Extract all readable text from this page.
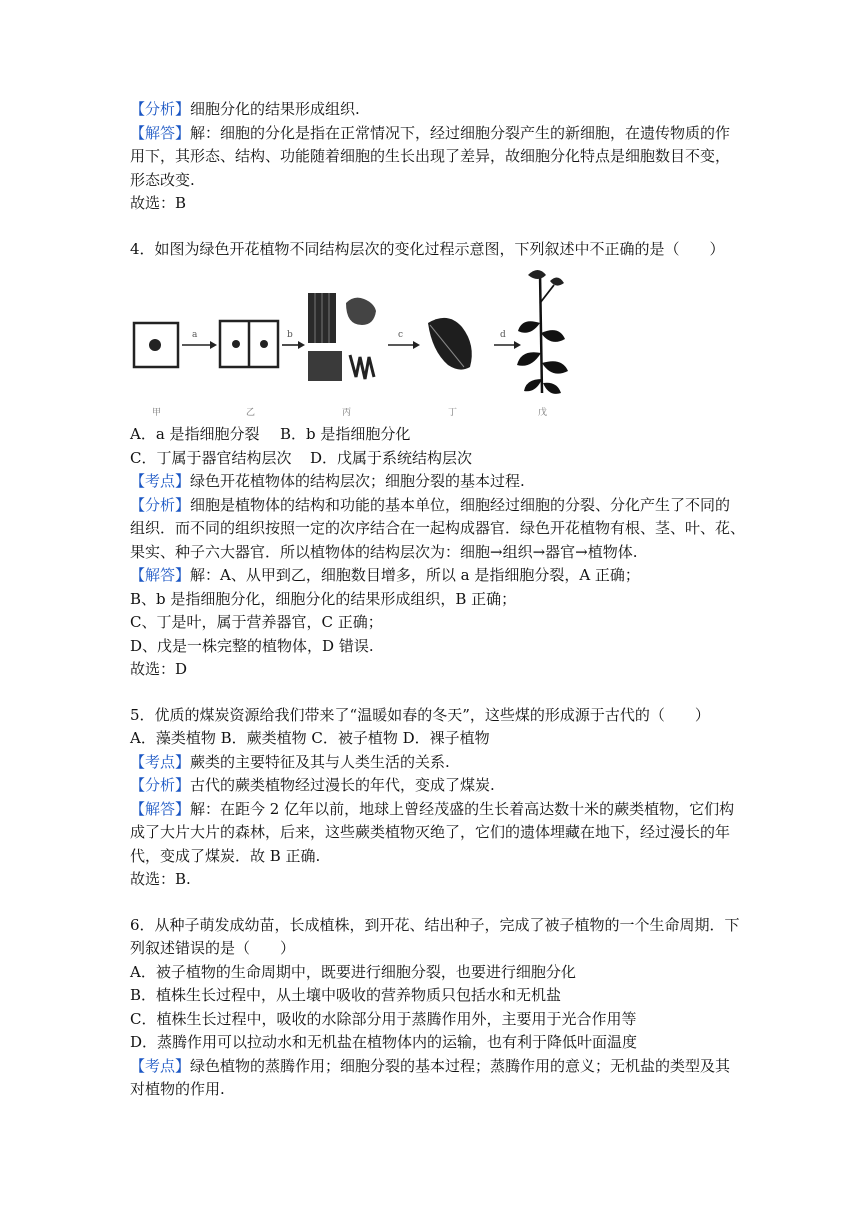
【分析】细胞分化的结果形成组织.
【解答】解：细胞的分化是指在正常情况下，经过细胞分裂产生的新细胞，在遗传物质的作
用下，其形态、结构、功能随着细胞的生长出现了差异，故细胞分化特点是细胞数目不变，
形态改变.
故选：B
4．如图为绿色开花植物不同结构层次的变化过程示意图，下列叙述中不正确的是（　　）
a	b	c	d
甲	乙	丙	丁	戊
A．a 是指细胞分裂 B．b 是指细胞分化
C．丁属于器官结构层次 D．戊属于系统结构层次
【考点】绿色开花植物体的结构层次；细胞分裂的基本过程.
【分析】细胞是植物体的结构和功能的基本单位，细胞经过细胞的分裂、分化产生了不同的
组织．而不同的组织按照一定的次序结合在一起构成器官．绿色开花植物有根、茎、叶、花、
果实、种子六大器官．所以植物体的结构层次为：细胞→组织→器官→植物体.
【解答】解：A、从甲到乙，细胞数目增多，所以 a 是指细胞分裂，A 正确；
B、b 是指细胞分化，细胞分化的结果形成组织，B 正确；
C、丁是叶，属于营养器官，C 正确；
D、戊是一株完整的植物体，D 错误.
故选：D
5．优质的煤炭资源给我们带来了“温暖如春的冬天”，这些煤的形成源于古代的（　　）
A．藻类植物 B．蕨类植物 C．被子植物 D．裸子植物
【考点】蕨类的主要特征及其与人类生活的关系.
【分析】古代的蕨类植物经过漫长的年代，变成了煤炭.
【解答】解：在距今 2 亿年以前，地球上曾经茂盛的生长着高达数十米的蕨类植物，它们构
成了大片大片的森林，后来，这些蕨类植物灭绝了，它们的遗体埋藏在地下，经过漫长的年
代，变成了煤炭．故 B 正确.
故选：B.
6．从种子萌发成幼苗，长成植株，到开花、结出种子，完成了被子植物的一个生命周期．下
列叙述错误的是（　　）
A．被子植物的生命周期中，既要进行细胞分裂，也要进行细胞分化
B．植株生长过程中，从土壤中吸收的营养物质只包括水和无机盐
C．植株生长过程中，吸收的水除部分用于蒸腾作用外，主要用于光合作用等
D．蒸腾作用可以拉动水和无机盐在植物体内的运输，也有利于降低叶面温度
【考点】绿色植物的蒸腾作用；细胞分裂的基本过程；蒸腾作用的意义；无机盐的类型及其
对植物的作用.
